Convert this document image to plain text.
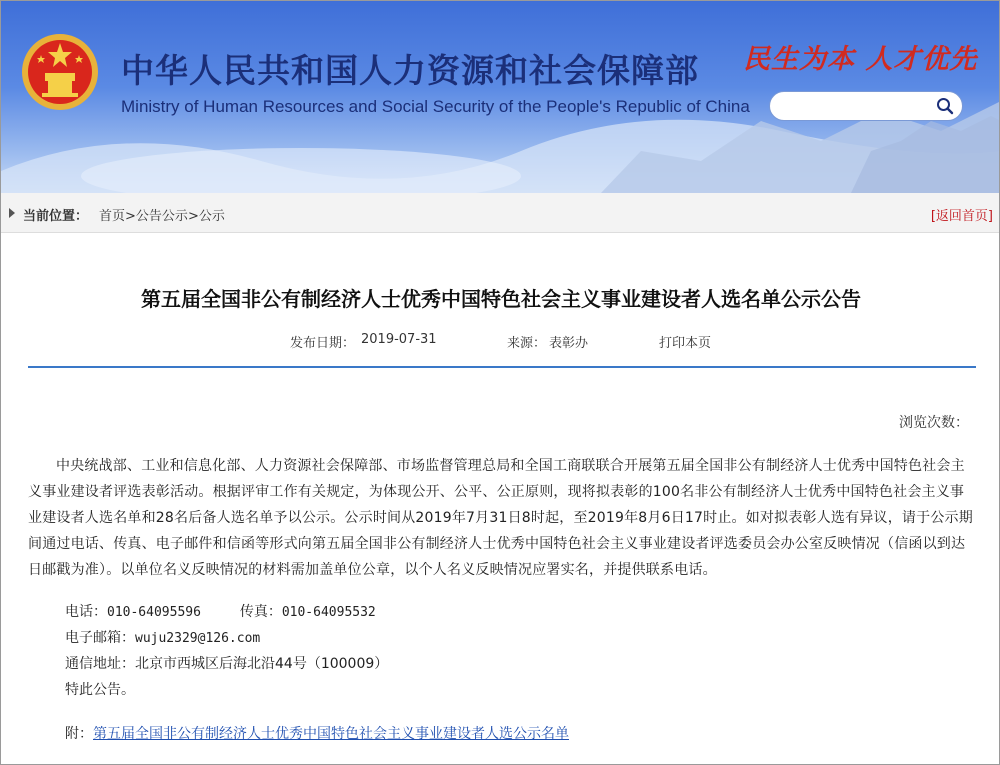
中华人民共和国人力资源和社会保障部
Ministry of Human Resources and Social Security of the People's Republic of China
民生为本 人才优先
当前位置： 首页>公告公示>公示	[返回首页]
第五届全国非公有制经济人士优秀中国特色社会主义事业建设者人选名单公示公告
发布日期： 2019-07-31	来源： 表彰办	打印本页
浏览次数：

中央统战部、工业和信息化部、人力资源社会保障部、市场监督管理总局和全国工商联联合开展第五届全国非公有制经济人士优秀中国特色社会主义事业建设者评选表彰活动。根据评审工作有关规定，为体现公开、公平、公正原则，现将拟表彰的100名非公有制经济人士优秀中国特色社会主义事业建设者人选名单和28名后备人选名单予以公示。公示时间从2019年7月31日8时起，至2019年8月6日17时止。如对拟表彰人选有异议，请于公示期间通过电话、传真、电子邮件和信函等形式向第五届全国非公有制经济人士优秀中国特色社会主义事业建设者评选委员会办公室反映情况（信函以到达日邮戳为准）。以单位名义反映情况的材料需加盖单位公章，以个人名义反映情况应署实名，并提供联系电话。

电话：010-64095596	传真：010-64095532
电子邮箱：wuju2329@126.com
通信地址：北京市西城区后海北沿44号（100009）
特此公告。
附：第五届全国非公有制经济人士优秀中国特色社会主义事业建设者人选公示名单
